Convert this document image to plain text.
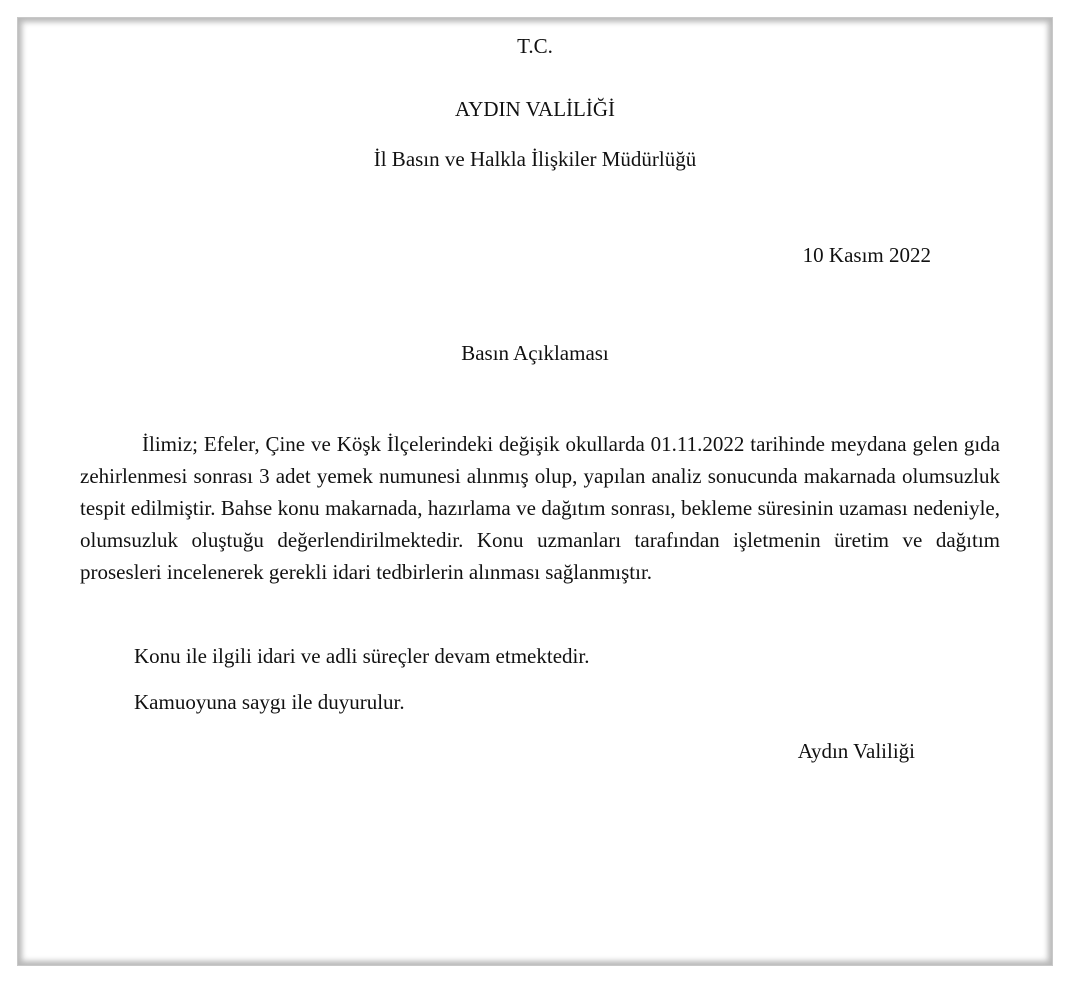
T.C.
AYDIN VALİLİĞİ
İl Basın ve Halkla İlişkiler Müdürlüğü
10 Kasım 2022
Basın Açıklaması

İlimiz; Efeler, Çine ve Köşk İlçelerindeki değişik okullarda 01.11.2022 tarihinde meydana gelen gıda zehirlenmesi sonrası 3 adet yemek numunesi alınmış olup, yapılan analiz sonucunda makarnada olumsuzluk tespit edilmiştir. Bahse konu makarnada, hazırlama ve dağıtım sonrası, bekleme süresinin uzaması nedeniyle, olumsuzluk oluştuğu değerlendirilmektedir. Konu uzmanları tarafından işletmenin üretim ve dağıtım prosesleri incelenerek gerekli idari tedbirlerin alınması sağlanmıştır.

Konu ile ilgili idari ve adli süreçler devam etmektedir.

Kamuoyuna saygı ile duyurulur.

Aydın Valiliği
